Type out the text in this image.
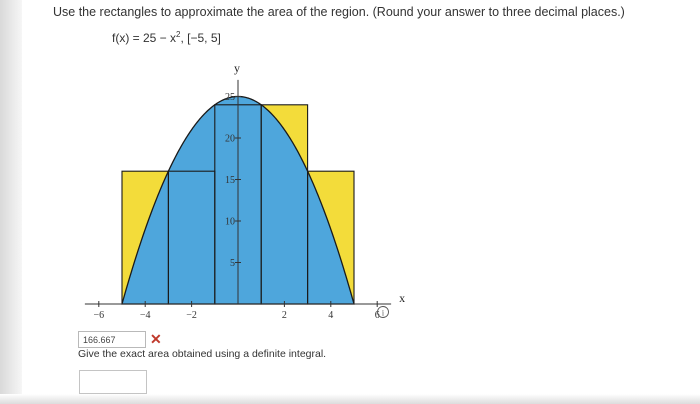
Use the rectangles to approximate the area of the region. (Round your answer to three decimal places.)
$f(x) = 25 - x^2$, [−5, 5]
x
y
−6	−4	−2	2	4	6
5
10
15
20
25
i
166.667	✕
Give the exact area obtained using a definite integral.
